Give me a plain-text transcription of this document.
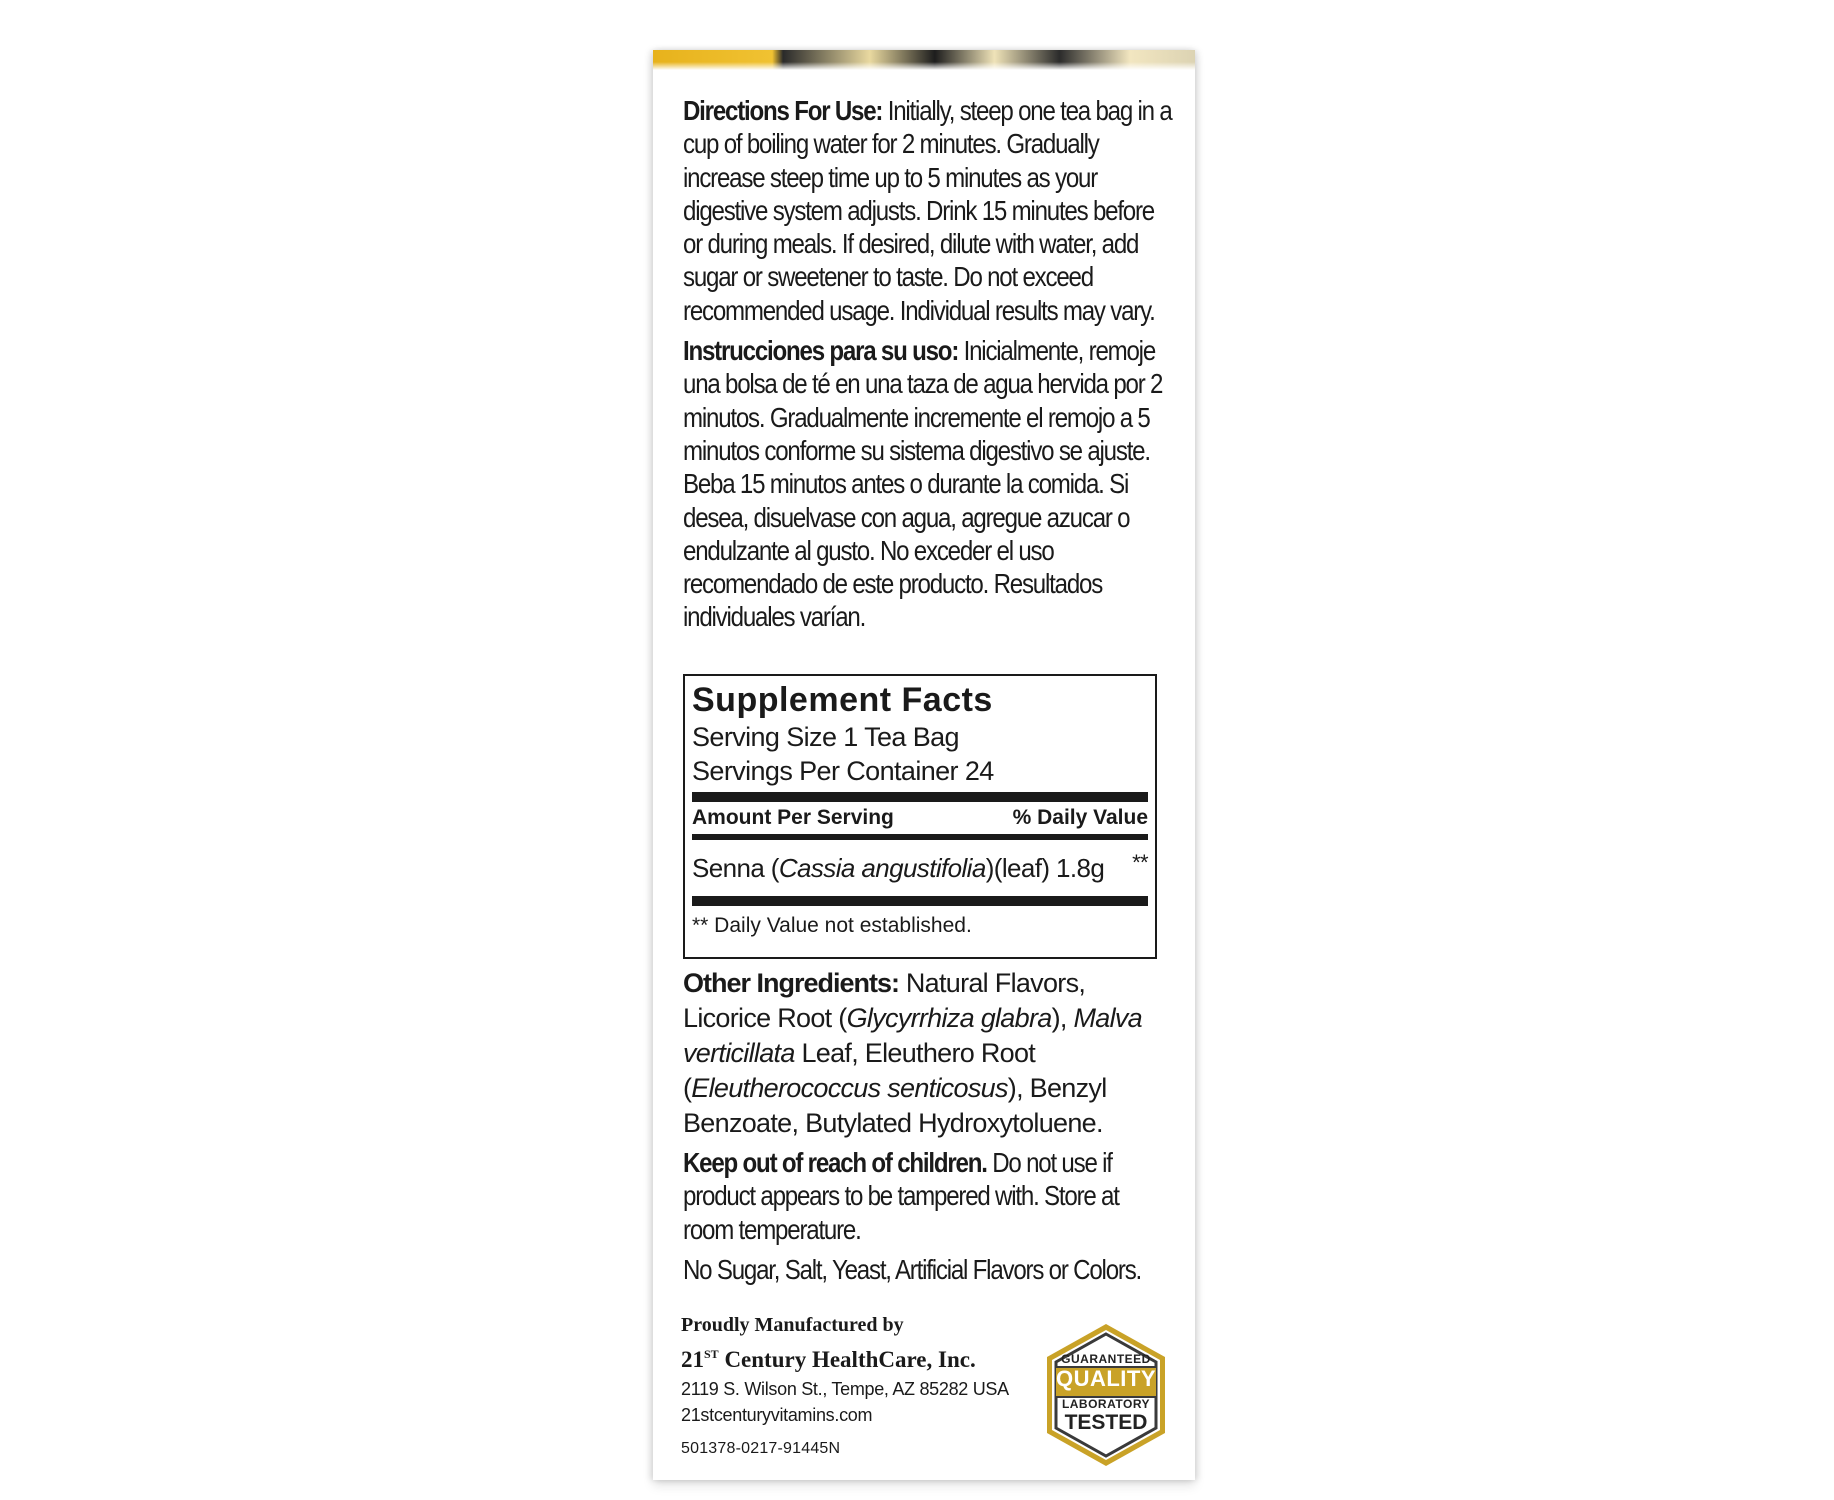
Directions For Use: Initially, steep one tea bag in a cup of boiling water for 2 minutes. Gradually increase steep time up to 5 minutes as your digestive system adjusts. Drink 15 minutes before or during meals. If desired, dilute with water, add sugar or sweetener to taste. Do not exceed recommended usage. Individual results may vary.

Instrucciones para su uso: Inicialmente, remoje una bolsa de té en una taza de agua hervida por 2 minutos. Gradualmente incremente el remojo a 5 minutos conforme su sistema digestivo se ajuste. Beba 15 minutos antes o durante la comida. Si desea, disuelvase con agua, agregue azucar o endulzante al gusto. No exceder el uso recomendado de este producto. Resultados individuales varían.

Supplement Facts
Serving Size 1 Tea Bag
Servings Per Container 24
Amount Per Serving	% Daily Value
Senna (Cassia angustifolia)(leaf) 1.8g **
** Daily Value not established.
Other Ingredients: Natural Flavors, Licorice Root (Glycyrrhiza glabra), Malva verticillata Leaf, Eleuthero Root (Eleutherococcus senticosus), Benzyl Benzoate, Butylated Hydroxytoluene.

Keep out of reach of children. Do not use if product appears to be tampered with. Store at room temperature.

No Sugar, Salt, Yeast, Artificial Flavors or Colors.

Proudly Manufactured by
21ST Century HealthCare, Inc.
2119 S. Wilson St., Tempe, AZ 85282 USA
21stcenturyvitamins.com
501378-0217-91445N
GUARANTEED
QUALITY
LABORATORY
TESTED
